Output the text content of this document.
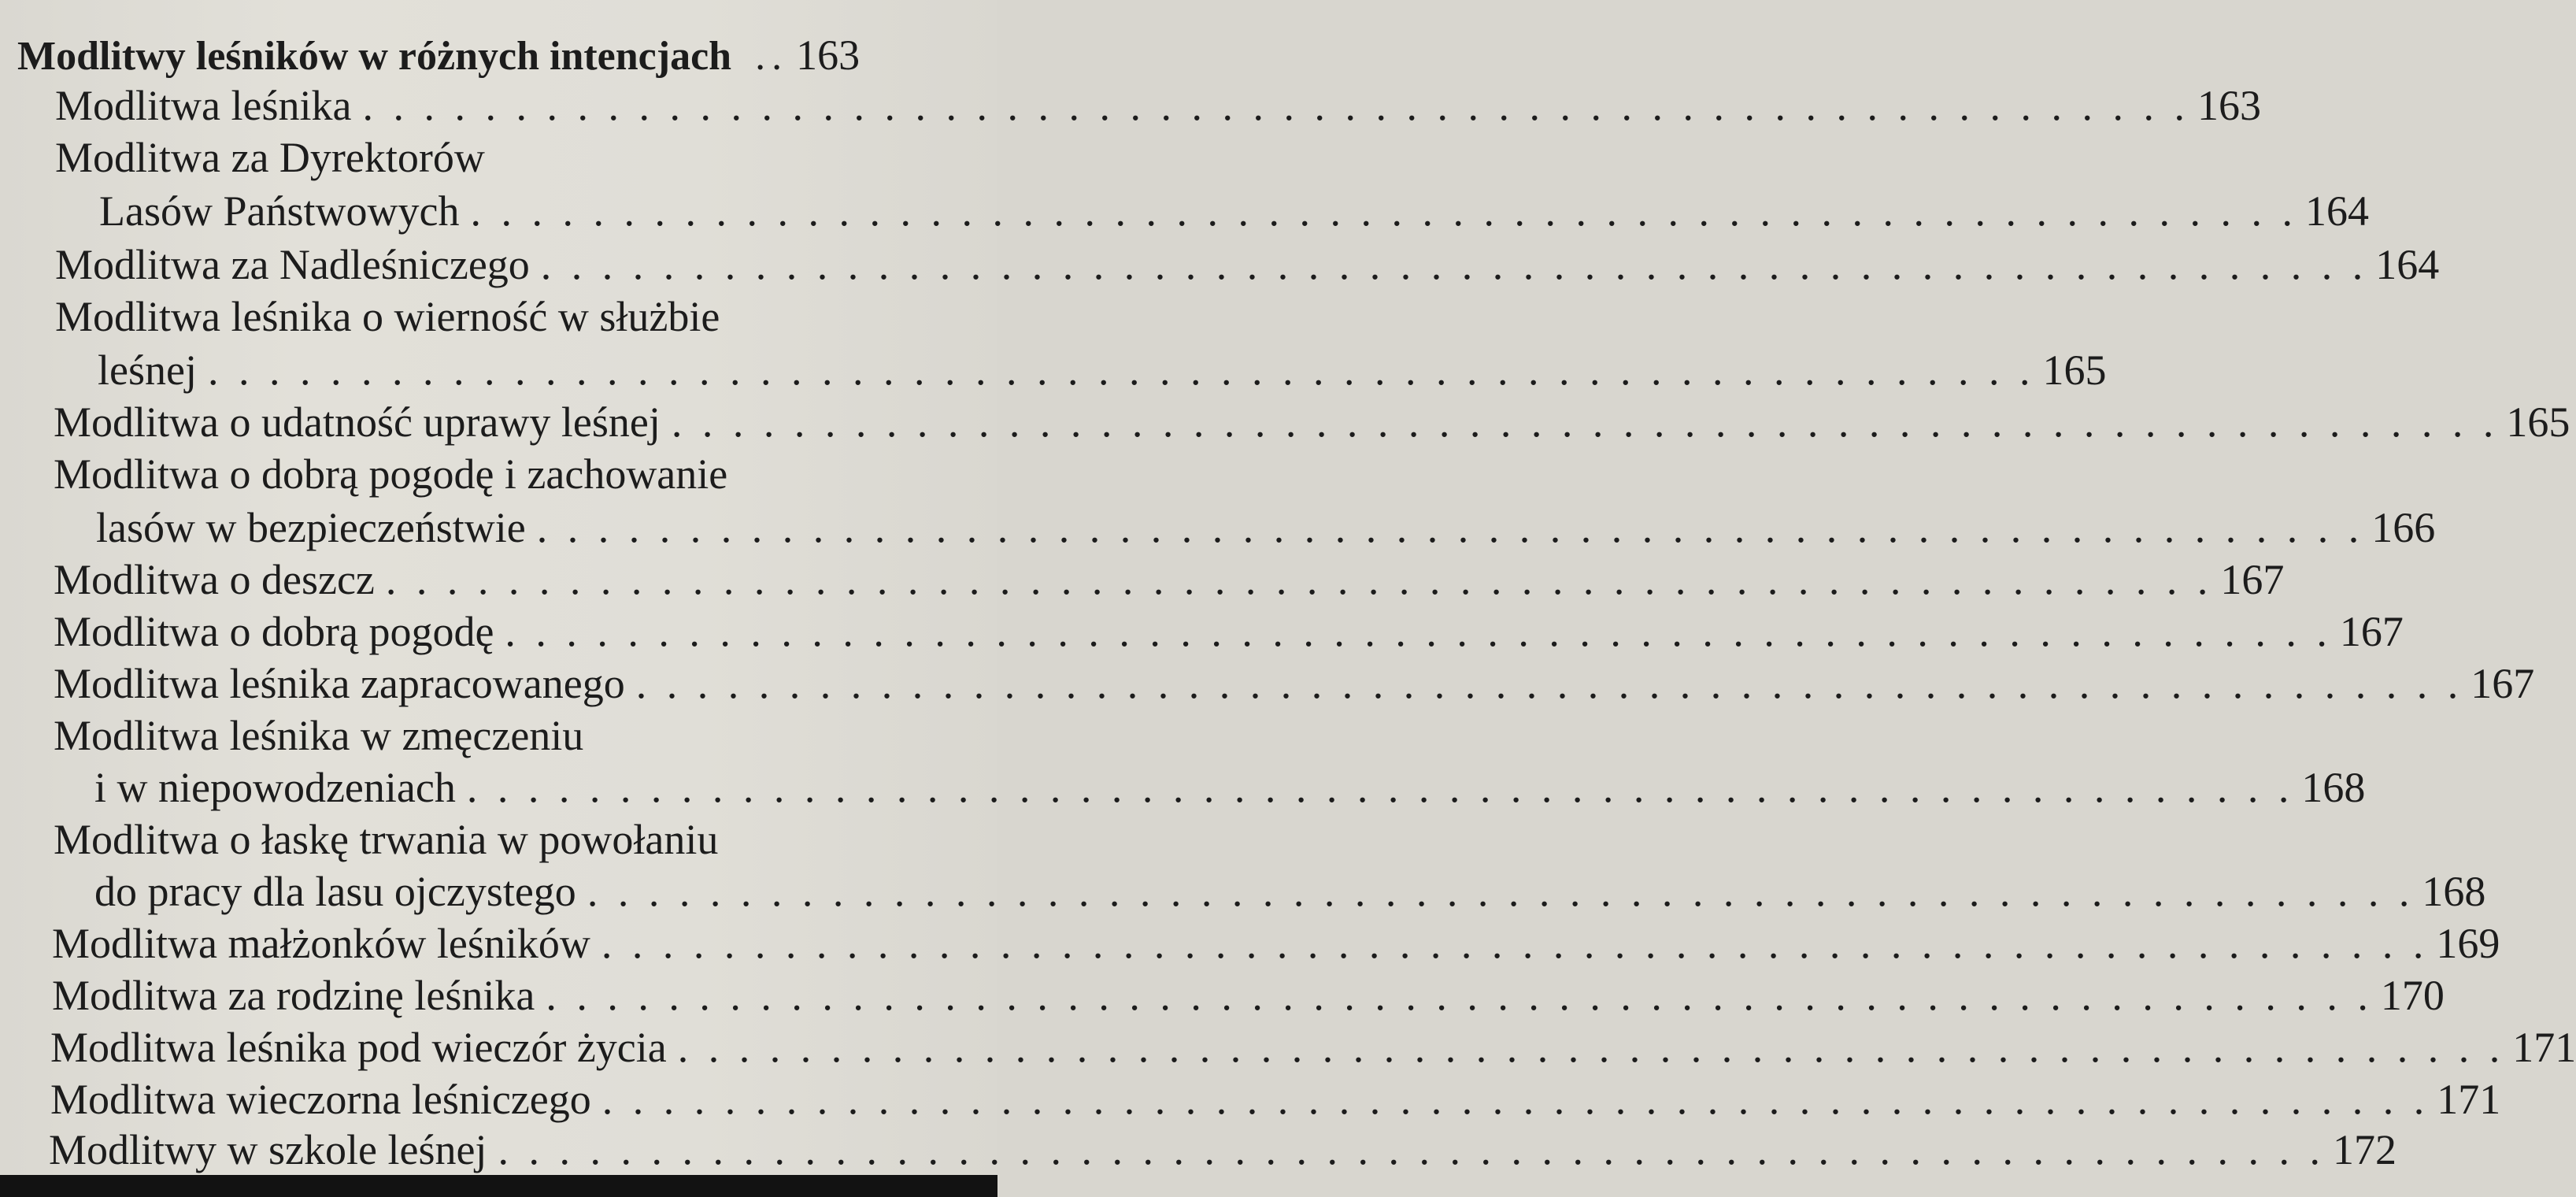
Modlitwy leśników w różnych intencjach .. 163
Modlitwa leśnika . . . . . . . . . . . . . . . . . . . . . . . . . . . . . . . . . . . . . . . . . . . . . . . . . . . . . . . . . . . . 163
Modlitwa za Dyrektorów
Lasów Państwowych . . . . . . . . . . . . . . . . . . . . . . . . . . . . . . . . . . . . . . . . . . . . . . . . . . . . . . . . . . . . 164
Modlitwa za Nadleśniczego . . . . . . . . . . . . . . . . . . . . . . . . . . . . . . . . . . . . . . . . . . . . . . . . . . . . . . . . . . . . 164
Modlitwa leśnika o wierność w służbie
leśnej . . . . . . . . . . . . . . . . . . . . . . . . . . . . . . . . . . . . . . . . . . . . . . . . . . . . . . . . . . . . 165
Modlitwa o udatność uprawy leśnej . . . . . . . . . . . . . . . . . . . . . . . . . . . . . . . . . . . . . . . . . . . . . . . . . . . . . . . . . . . . 165
Modlitwa o dobrą pogodę i zachowanie
lasów w bezpieczeństwie . . . . . . . . . . . . . . . . . . . . . . . . . . . . . . . . . . . . . . . . . . . . . . . . . . . . . . . . . . . . 166
Modlitwa o deszcz . . . . . . . . . . . . . . . . . . . . . . . . . . . . . . . . . . . . . . . . . . . . . . . . . . . . . . . . . . . . 167
Modlitwa o dobrą pogodę . . . . . . . . . . . . . . . . . . . . . . . . . . . . . . . . . . . . . . . . . . . . . . . . . . . . . . . . . . . . 167
Modlitwa leśnika zapracowanego . . . . . . . . . . . . . . . . . . . . . . . . . . . . . . . . . . . . . . . . . . . . . . . . . . . . . . . . . . . . 167
Modlitwa leśnika w zmęczeniu
i w niepowodzeniach . . . . . . . . . . . . . . . . . . . . . . . . . . . . . . . . . . . . . . . . . . . . . . . . . . . . . . . . . . . . 168
Modlitwa o łaskę trwania w powołaniu
do pracy dla lasu ojczystego . . . . . . . . . . . . . . . . . . . . . . . . . . . . . . . . . . . . . . . . . . . . . . . . . . . . . . . . . . . . 168
Modlitwa małżonków leśników . . . . . . . . . . . . . . . . . . . . . . . . . . . . . . . . . . . . . . . . . . . . . . . . . . . . . . . . . . . . 169
Modlitwa za rodzinę leśnika . . . . . . . . . . . . . . . . . . . . . . . . . . . . . . . . . . . . . . . . . . . . . . . . . . . . . . . . . . . . 170
Modlitwa leśnika pod wieczór życia . . . . . . . . . . . . . . . . . . . . . . . . . . . . . . . . . . . . . . . . . . . . . . . . . . . . . . . . . . . . 171
Modlitwa wieczorna leśniczego . . . . . . . . . . . . . . . . . . . . . . . . . . . . . . . . . . . . . . . . . . . . . . . . . . . . . . . . . . . . 171
Modlitwy w szkole leśnej . . . . . . . . . . . . . . . . . . . . . . . . . . . . . . . . . . . . . . . . . . . . . . . . . . . . . . . . . . . . 172
